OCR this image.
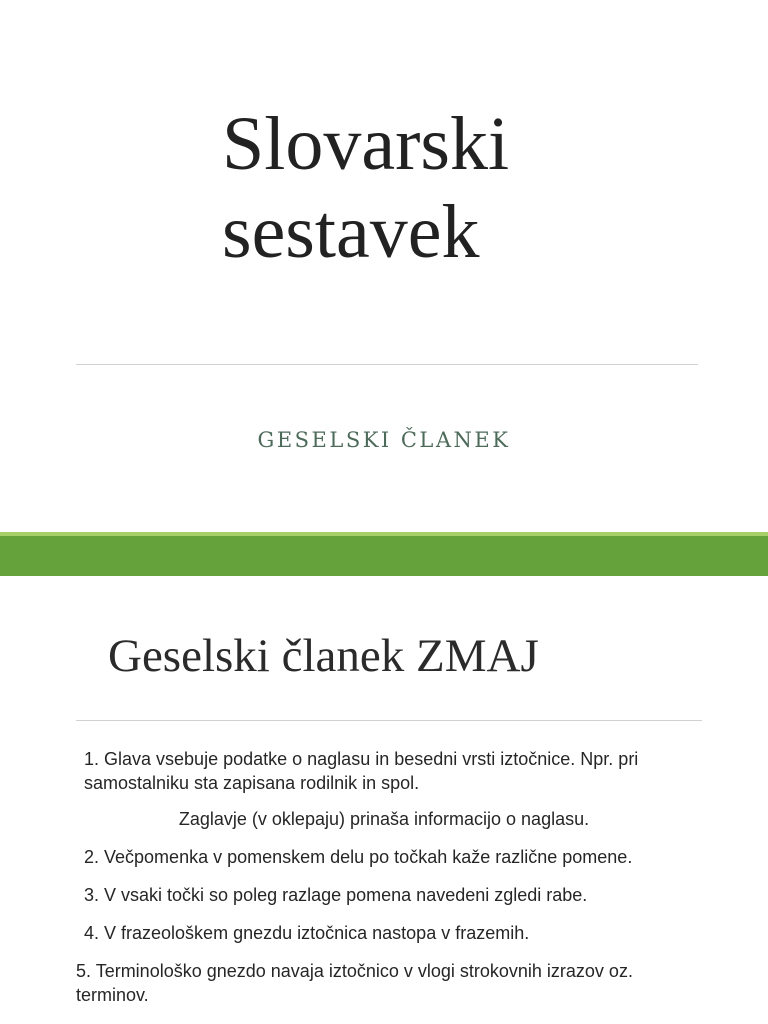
Slovarski
sestavek
GESELSKI ČLANEK
Geselski članek ZMAJ

1. Glava vsebuje podatke o naglasu in besedni vrsti iztočnice. Npr. pri samostalniku sta zapisana rodilnik in spol.

Zaglavje (v oklepaju) prinaša informacijo o naglasu.

2. Večpomenka v pomenskem delu po točkah kaže različne pomene.

3. V vsaki točki so poleg razlage pomena navedeni zgledi rabe.

4. V frazeološkem gnezdu iztočnica nastopa v frazemih.

5. Terminološko gnezdo navaja iztočnico v vlogi strokovnih izrazov oz. terminov.
